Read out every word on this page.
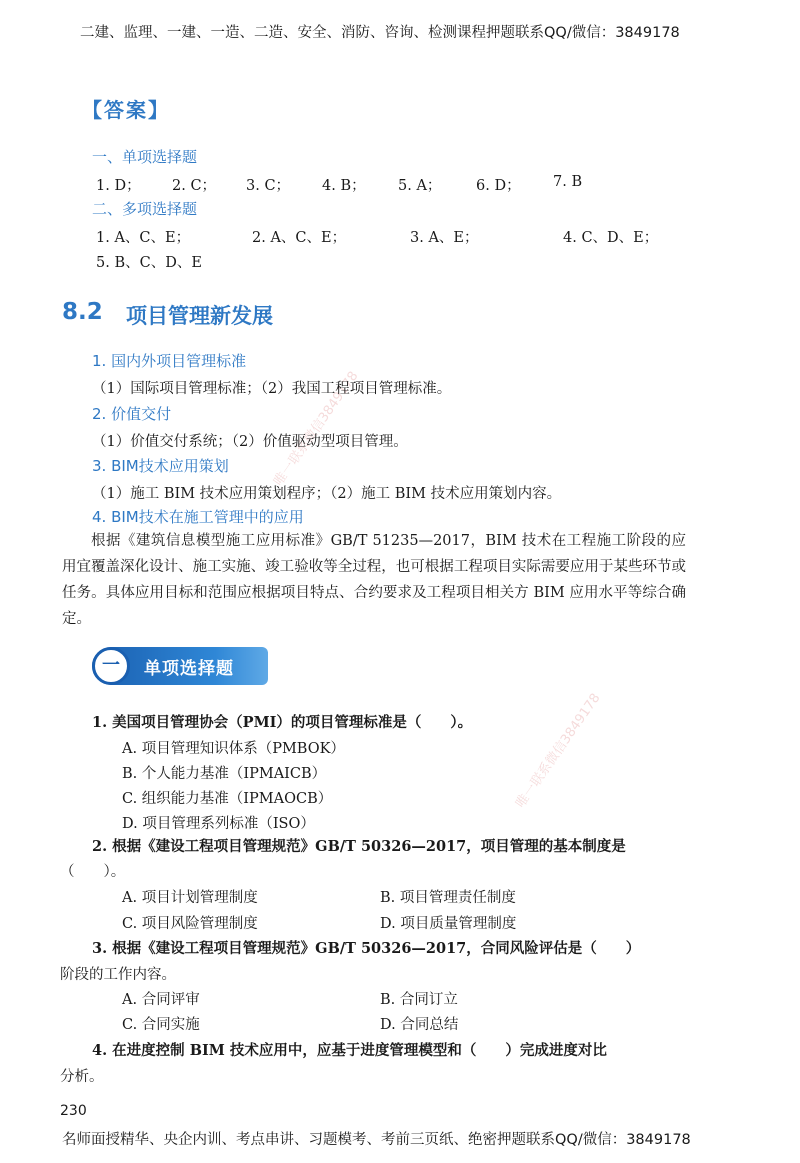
二建、监理、一建、一造、二造、安全、消防、咨询、检测课程押题联系QQ/微信：3849178
唯一联系微信3849178
唯一联系微信3849178
【答案】
一、单项选择题
1. D； 2. C； 3. C； 4. B； 5. A； 6. D； 7. B
二、多项选择题
1. A、C、E；	2. A、C、E；	3. A、E；	4. C、D、E；
5. B、C、D、E
8.2 项目管理新发展
1. 国内外项目管理标准
（1）国际项目管理标准；（2）我国工程项目管理标准。
2. 价值交付
（1）价值交付系统；（2）价值驱动型项目管理。
3. BIM技术应用策划
（1）施工 BIM 技术应用策划程序；（2）施工 BIM 技术应用策划内容。
4. BIM技术在施工管理中的应用
根据《建筑信息模型施工应用标准》GB/T 51235—2017，BIM 技术在工程施工阶段的应用宜覆盖深化设计、施工实施、竣工验收等全过程，也可根据工程项目实际需要应用于某些环节或任务。具体应用目标和范围应根据项目特点、合约要求及工程项目相关方 BIM 应用水平等综合确定。
一	单项选择题
1. 美国项目管理协会（PMI）的项目管理标准是（　　）。
A. 项目管理知识体系（PMBOK）
B. 个人能力基准（IPMAICB）
C. 组织能力基准（IPMAOCB）
D. 项目管理系列标准（ISO）
2. 根据《建设工程项目管理规范》GB/T 50326—2017，项目管理的基本制度是
（　　）。
A. 项目计划管理制度	B. 项目管理责任制度
C. 项目风险管理制度	D. 项目质量管理制度
3. 根据《建设工程项目管理规范》GB/T 50326—2017，合同风险评估是（　　）
阶段的工作内容。
A. 合同评审	B. 合同订立
C. 合同实施	D. 合同总结
4. 在进度控制 BIM 技术应用中，应基于进度管理模型和（　　）完成进度对比
分析。
230
名师面授精华、央企内训、考点串讲、习题模考、考前三页纸、绝密押题联系QQ/微信：3849178
